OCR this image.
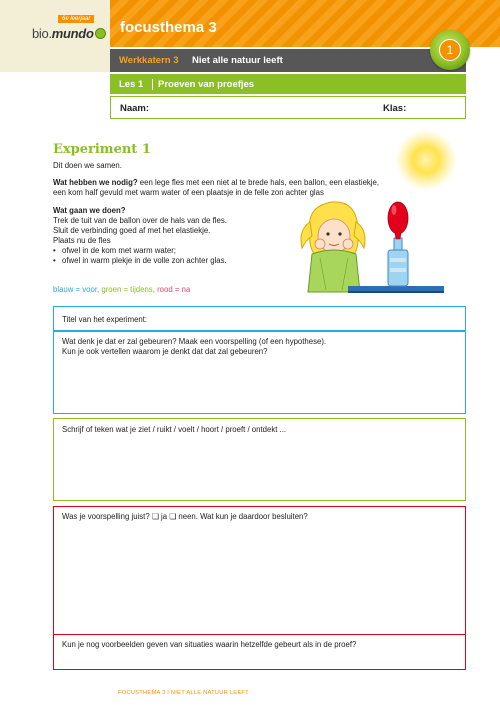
6e leerjaar
bio.mundo	focusthema 3
Werkkatern 3 Niet alle natuur leeft
Les 1	Proeven van proefjes
Naam:	Klas:
1
Experiment 1
Dit doen we samen.
Wat hebben we nodig? een lege fles met een niet al te brede hals, een ballon, een elastiekje,
een kom half gevuld met warm water of een plaatsje in de felle zon achter glas
Wat gaan we doen?
Trek de tuit van de ballon over de hals van de fles.
Sluit de verbinding goed af met het elastiekje.
Plaats nu de fles
• ofwel in de kom met warm water;
• ofwel in warm plekje in de volle zon achter glas.
blauw = voor, groen = tijdens, rood = na
Titel van het experiment:
Wat denk je dat er zal gebeuren? Maak een voorspelling (of een hypothese).
Kun je ook vertellen waarom je denkt dat dat zal gebeuren?
Schrijf of teken wat je ziet / ruikt / voelt / hoort / proeft / ontdekt ...
Was je voorspelling juist? ❏ ja ❏ neen. Wat kun je daardoor besluiten?
Kun je nog voorbeelden geven van situaties waarin hetzelfde gebeurt als in de proef?
FOCUSTHEMA 3 I NIET ALLE NATUUR LEEFT
